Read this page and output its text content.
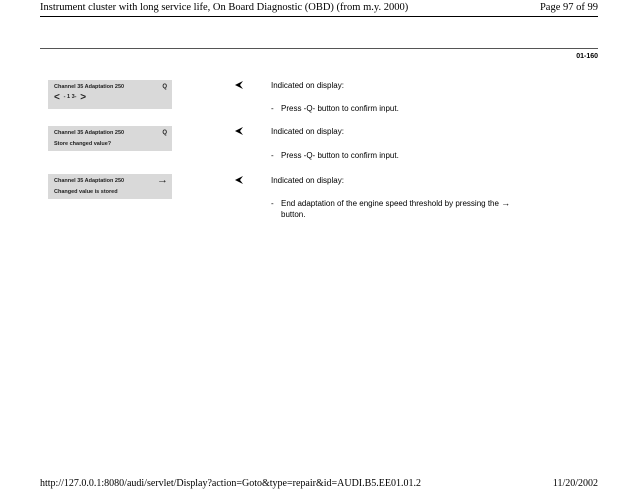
Instrument cluster with long service life, On Board Diagnostic (OBD) (from m.y. 2000)	Page 97 of 99
01-160
Channel 35 Adaptation 250	Q
< - 1 3- >
Indicated on display:
- Press -Q- button to confirm input.
Channel 35 Adaptation 250	Q
Store changed value?
Indicated on display:
- Press -Q- button to confirm input.
Channel 35 Adaptation 250	→
Changed value is stored
Indicated on display:
- End adaptation of the engine speed threshold by pressing the →
button.
http://127.0.0.1:8080/audi/servlet/Display?action=Goto&type=repair&id=AUDI.B5.EE01.01.2	11/20/2002
